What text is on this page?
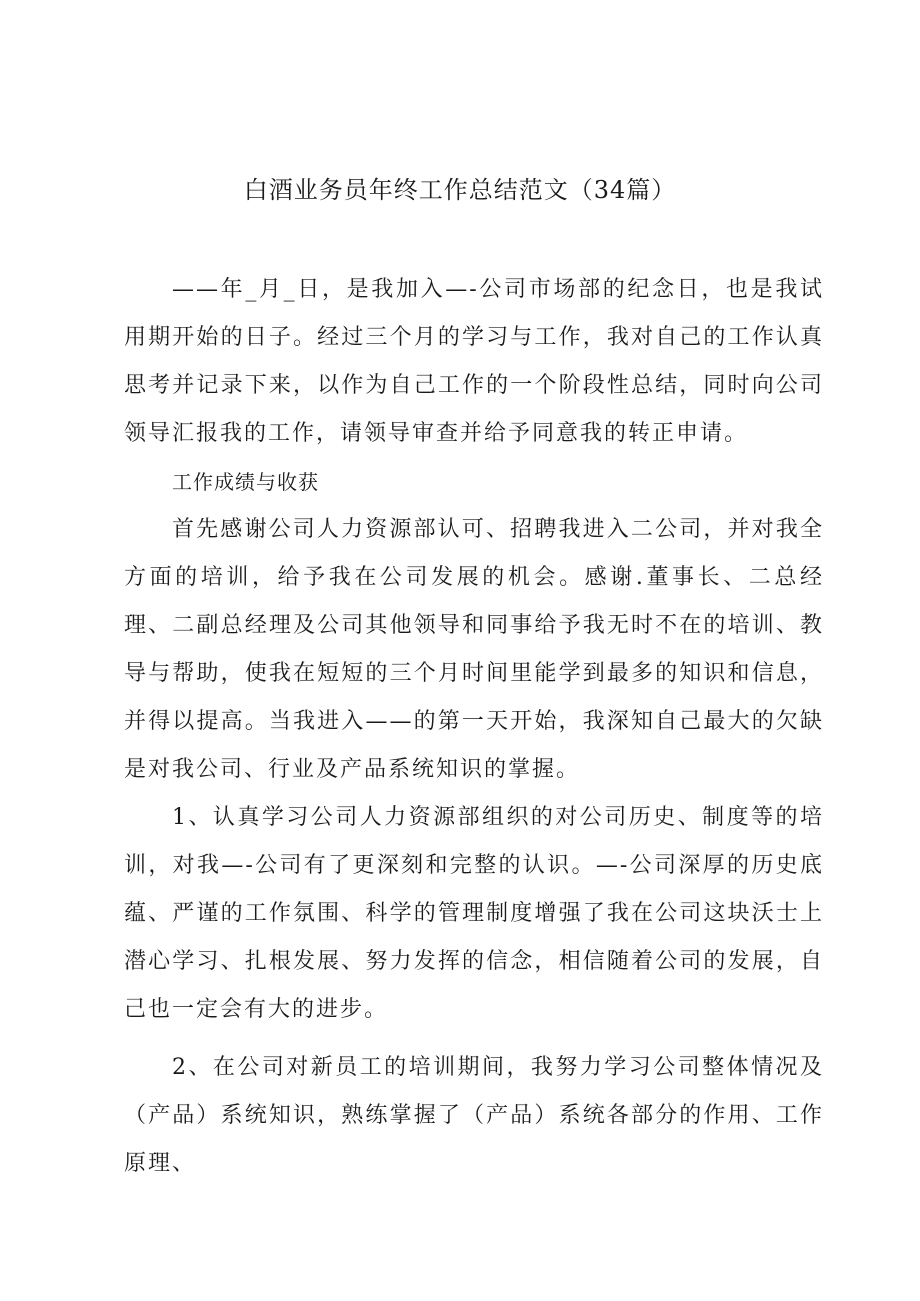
白酒业务员年终工作总结范文（34篇）

——年_月_日，是我加入—-公司市场部的纪念日，也是我试用期开始的日子。经过三个月的学习与工作，我对自己的工作认真思考并记录下来，以作为自己工作的一个阶段性总结，同时向公司领导汇报我的工作，请领导审查并给予同意我的转正申请。

工作成绩与收获

首先感谢公司人力资源部认可、招聘我进入二公司，并对我全方面的培训，给予我在公司发展的机会。感谢.董事长、二总经理、二副总经理及公司其他领导和同事给予我无时不在的培训、教导与帮助，使我在短短的三个月时间里能学到最多的知识和信息，并得以提高。当我进入——的第一天开始，我深知自己最大的欠缺是对我公司、行业及产品系统知识的掌握。

1、认真学习公司人力资源部组织的对公司历史、制度等的培训，对我—-公司有了更深刻和完整的认识。—-公司深厚的历史底蕴、严谨的工作氛围、科学的管理制度增强了我在公司这块沃士上潜心学习、扎根发展、努力发挥的信念，相信随着公司的发展，自己也一定会有大的进步。

2、在公司对新员工的培训期间，我努力学习公司整体情况及（产品）系统知识，熟练掌握了（产品）系统各部分的作用、工作原理、
